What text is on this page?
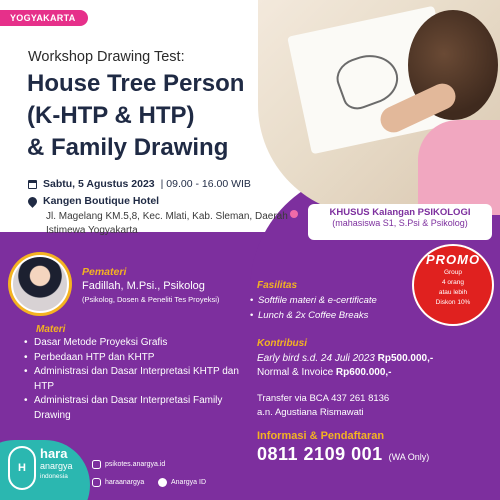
YOGYAKARTA
Workshop Drawing Test:
House Tree Person
(K-HTP & HTP)
& Family Drawing
Sabtu, 5 Agustus 2023 | 09.00 - 16.00 WIB
Kangen Boutique Hotel
Jl. Magelang KM.5,8, Kec. Mlati, Kab. Sleman, Daerah Istimewa Yogyakarta
KHUSUS Kalangan PSIKOLOGI
(mahasiswa S1, S.Psi & Psikolog)
PROMO
Group
4 orang
atau lebih
Diskon 10%
Pemateri
Fadillah, M.Psi., Psikolog
(Psikolog, Dosen & Peneliti Tes Proyeksi)
Materi
• Dasar Metode Proyeksi Grafis
• Perbedaan HTP dan KHTP
• Administrasi dan Dasar Interpretasi KHTP dan HTP
• Administrasi dan Dasar Interpretasi Family Drawing
Fasilitas
• Softfile materi & e-certificate
• Lunch & 2x Coffee Breaks
Kontribusi
Early bird s.d. 24 Juli 2023 Rp500.000,-
Normal & Invoice Rp600.000,-
Transfer via BCA 437 261 8136
a.n. Agustiana Rismawati
Informasi & Pendaftaran
0811 2109 001 (WA Only)
H
hara
anargya
indonesia
psikotes.anargya.id
haraanargya	Anargya ID
